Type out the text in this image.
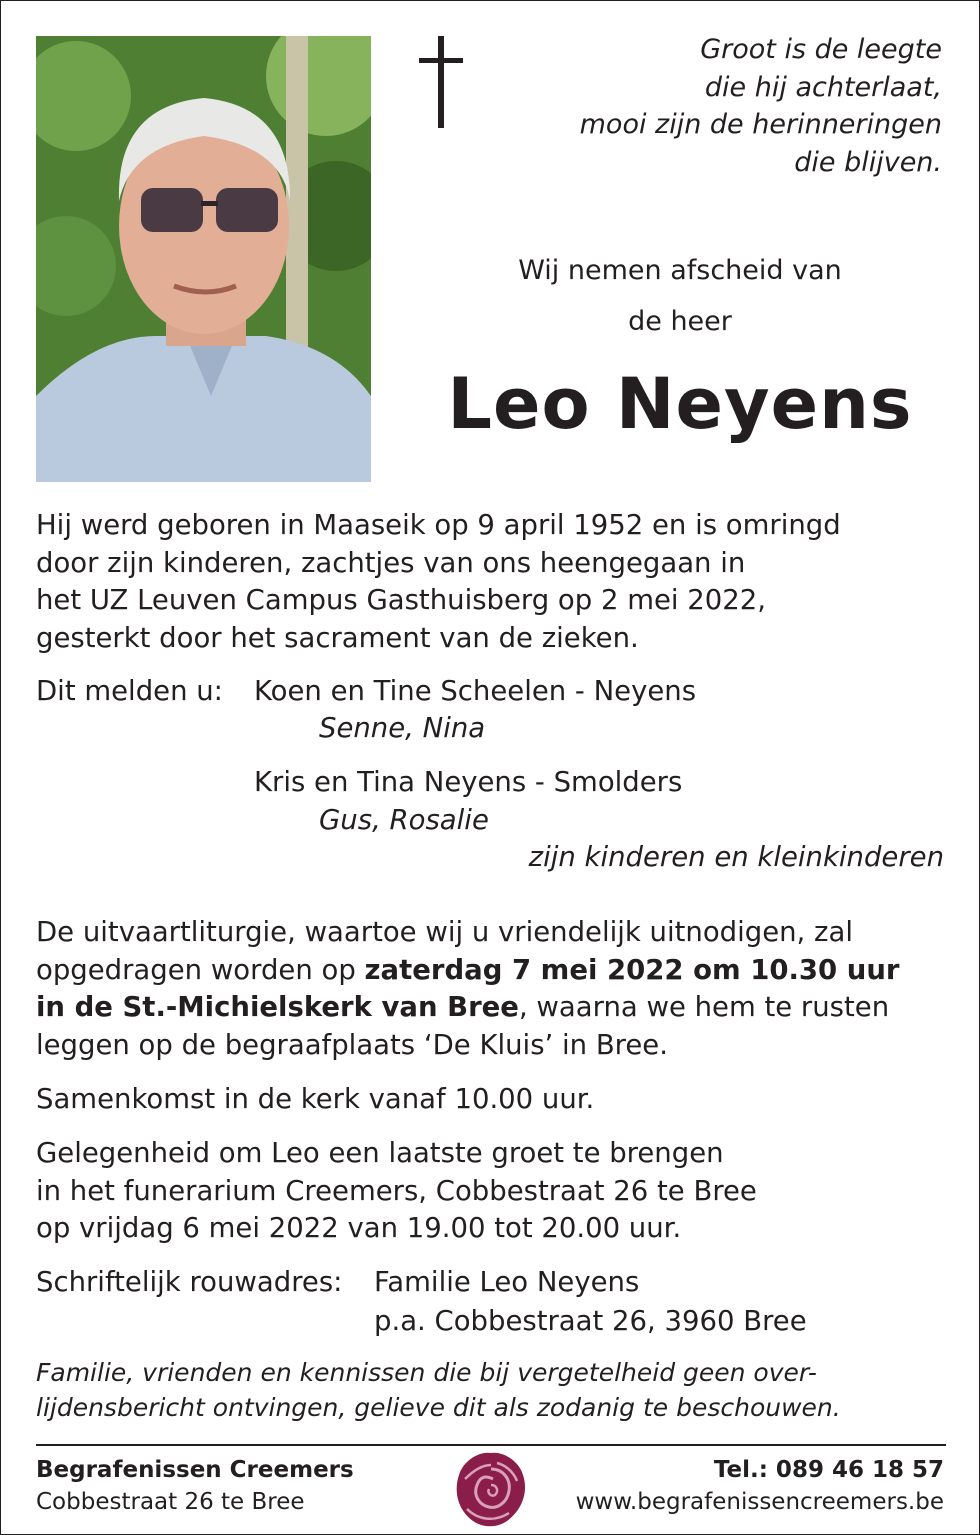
Groot is de leegte
die hij achterlaat,
mooi zijn de herinneringen
die blijven.
Wij nemen afscheid van
de heer
Leo Neyens
Hij werd geboren in Maaseik op 9 april 1952 en is omringd
door zijn kinderen, zachtjes van ons heengegaan in
het UZ Leuven Campus Gasthuisberg op 2 mei 2022,
gesterkt door het sacrament van de zieken.
Dit melden u: Koen en Tine Scheelen - Neyens
Senne, Nina
Kris en Tina Neyens - Smolders
Gus, Rosalie
zijn kinderen en kleinkinderen
De uitvaartliturgie, waartoe wij u vriendelijk uitnodigen, zal
opgedragen worden op zaterdag 7 mei 2022 om 10.30 uur
in de St.-Michielskerk van Bree, waarna we hem te rusten
leggen op de begraafplaats ‘De Kluis’ in Bree.
Samenkomst in de kerk vanaf 10.00 uur.
Gelegenheid om Leo een laatste groet te brengen
in het funerarium Creemers, Cobbestraat 26 te Bree
op vrijdag 6 mei 2022 van 19.00 tot 20.00 uur.
Schriftelijk rouwadres: Familie Leo Neyens
p.a. Cobbestraat 26, 3960 Bree
Familie, vrienden en kennissen die bij vergetelheid geen over-
lijdensbericht ontvingen, gelieve dit als zodanig te beschouwen.
Begrafenissen Creemers
Cobbestraat 26 te Bree
Tel.: 089 46 18 57
www.begrafenissencreemers.be
